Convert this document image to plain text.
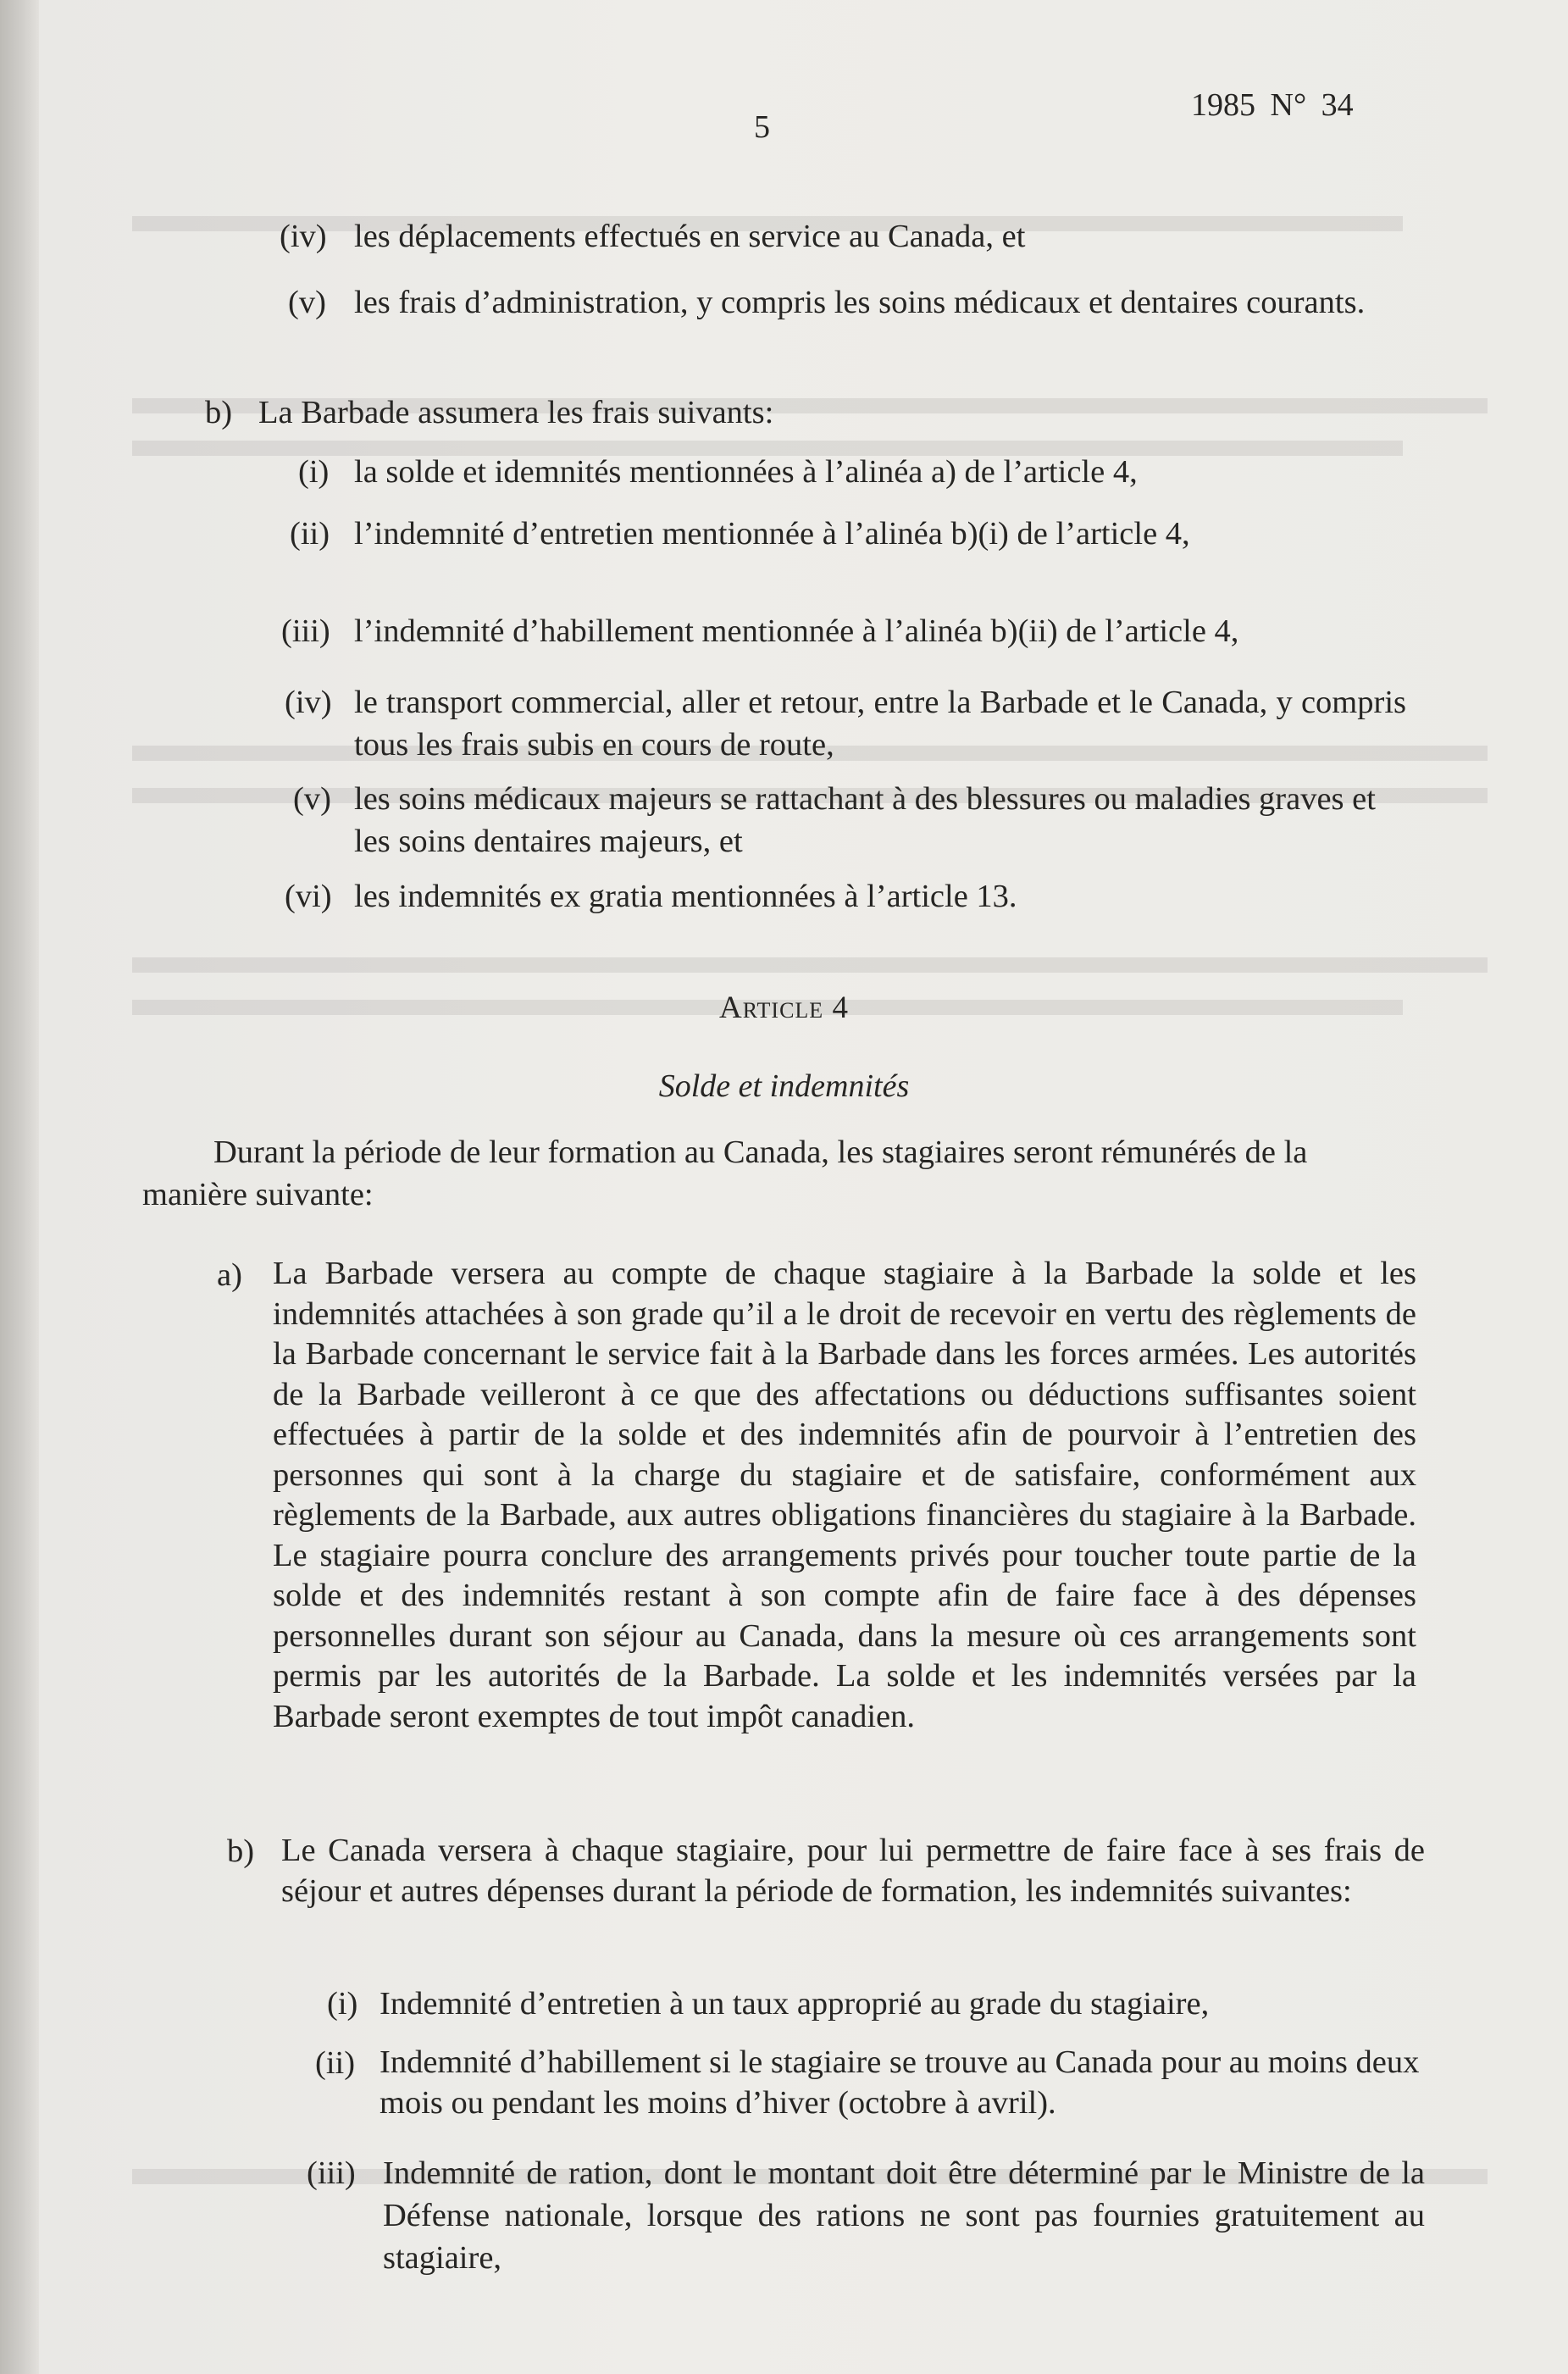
5
1985 N° 34
(iv) les déplacements effectués en service au Canada, et
(v) les frais d’administration, y compris les soins médicaux et dentaires courants.
b) La Barbade assumera les frais suivants:
(i) la solde et idemnités mentionnées à l’alinéa a) de l’article 4,
(ii) l’indemnité d’entretien mentionnée à l’alinéa b)(i) de l’article 4,
(iii) l’indemnité d’habillement mentionnée à l’alinéa b)(ii) de l’article 4,
(iv) le transport commercial, aller et retour, entre la Barbade et le Canada, y compris tous les frais subis en cours de route,
(v) les soins médicaux majeurs se rattachant à des blessures ou maladies graves et les soins dentaires majeurs, et
(vi) les indemnités ex gratia mentionnées à l’article 13.
Article 4
Solde et indemnités
Durant la période de leur formation au Canada, les stagiaires seront rémunérés de la manière suivante:
a) La Barbade versera au compte de chaque stagiaire à la Barbade la solde et les indemnités attachées à son grade qu’il a le droit de recevoir en vertu des règlements de la Barbade concernant le service fait à la Barbade dans les forces armées. Les autorités de la Barbade veilleront à ce que des affectations ou déductions suffisantes soient effectuées à partir de la solde et des indemnités afin de pourvoir à l’entretien des personnes qui sont à la charge du stagiaire et de satisfaire, conformément aux règlements de la Barbade, aux autres obligations financières du stagiaire à la Barbade. Le stagiaire pourra conclure des arrangements privés pour toucher toute partie de la solde et des indemnités restant à son compte afin de faire face à des dépenses personnelles durant son séjour au Canada, dans la mesure où ces arrangements sont permis par les autorités de la Barbade. La solde et les indemnités versées par la Barbade seront exemptes de tout impôt canadien.
b) Le Canada versera à chaque stagiaire, pour lui permettre de faire face à ses frais de séjour et autres dépenses durant la période de formation, les indemnités suivantes:
(i) Indemnité d’entretien à un taux approprié au grade du stagiaire,
(ii) Indemnité d’habillement si le stagiaire se trouve au Canada pour au moins deux mois ou pendant les moins d’hiver (octobre à avril).
(iii) Indemnité de ration, dont le montant doit être déterminé par le Ministre de la Défense nationale, lorsque des rations ne sont pas fournies gratuitement au stagiaire,
